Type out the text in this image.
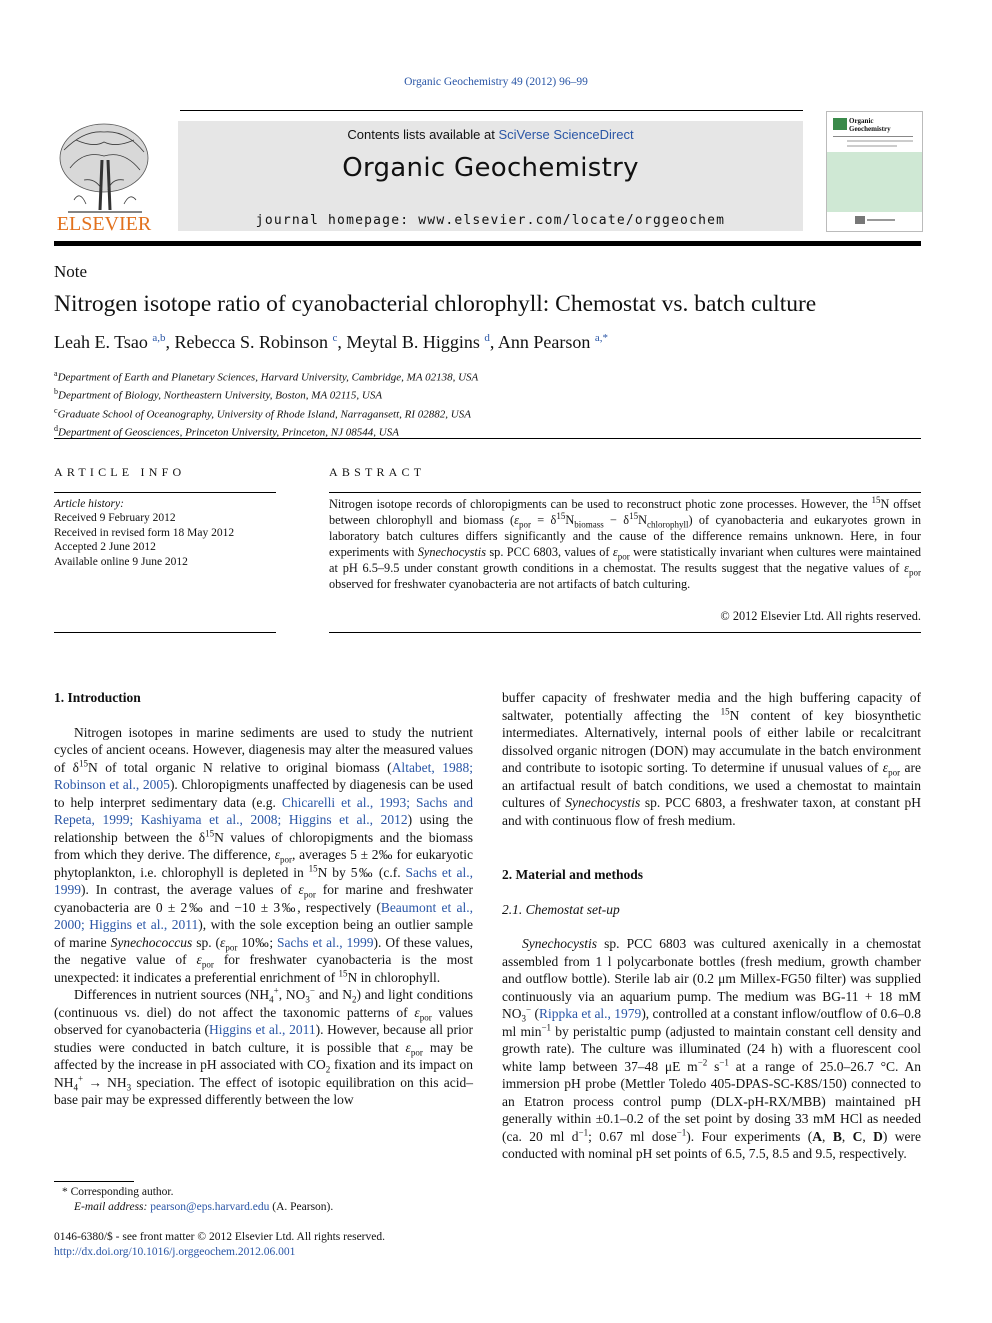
Organic Geochemistry 49 (2012) 96–99
ELSEVIER
Contents lists available at SciVerse ScienceDirect
Organic Geochemistry
journal homepage: www.elsevier.com/locate/orggeochem
Organic
Geochemistry
Note
Nitrogen isotope ratio of cyanobacterial chlorophyll: Chemostat vs. batch culture
Leah E. Tsao $^{a,b}$, Rebecca S. Robinson $^c$, Meytal B. Higgins $^d$, Ann Pearson $^{a,*}$
$^a$Department of Earth and Planetary Sciences, Harvard University, Cambridge, MA 02138, USA
$^b$Department of Biology, Northeastern University, Boston, MA 02115, USA
$^c$Graduate School of Oceanography, University of Rhode Island, Narragansett, RI 02882, USA
$^d$Department of Geosciences, Princeton University, Princeton, NJ 08544, USA
ARTICLE INFO
Article history:
Received 9 February 2012
Received in revised form 18 May 2012
Accepted 2 June 2012
Available online 9 June 2012
ABSTRACT
Nitrogen isotope records of chloropigments can be used to reconstruct photic zone processes. However, the $^{15}$N offset between chlorophyll and biomass $(\varepsilon_{por} = \delta^{15}N_{biomass} - \delta^{15}N_{chlorophyll})$ of cyanobacteria and eukaryotes grown in laboratory batch cultures differs significantly and the cause of the difference remains unknown. Here, in four experiments with Synechocystis sp. PCC 6803, values of $\varepsilon_{por}$ were statistically invariant when cultures were maintained at pH 6.5–9.5 under constant growth conditions in a chemostat. The results suggest that the negative values of $\varepsilon_{por}$ observed for freshwater cyanobacteria are not artifacts of batch culturing.
© 2012 Elsevier Ltd. All rights reserved.
1. Introduction

Nitrogen isotopes in marine sediments are used to study the nutrient cycles of ancient oceans. However, diagenesis may alter the measured values of $\delta^{15}N$ of total organic N relative to original biomass (Altabet, 1988; Robinson et al., 2005). Chloropigments unaffected by diagenesis can be used to help interpret sedimentary data (e.g. Chicarelli et al., 1993; Sachs and Repeta, 1999; Kashiyama et al., 2008; Higgins et al., 2012) using the relationship between the $\delta^{15}N$ values of chloropigments and the biomass from which they derive. The difference, $\varepsilon_{por}$, averages 5 ± 2‰ for eukaryotic phytoplankton, i.e. chlorophyll is depleted in $^{15}$N by 5‰ (c.f. Sachs et al., 1999). In contrast, the average values of $\varepsilon_{por}$ for marine and freshwater cyanobacteria are 0 ± 2‰ and −10 ± 3‰, respectively (Beaumont et al., 2000; Higgins et al., 2011), with the sole exception being an outlier sample of marine Synechococcus sp. ($\varepsilon_{por}$ 10‰; Sachs et al., 1999). Of these values, the negative value of $\varepsilon_{por}$ for freshwater cyanobacteria is the most unexpected: it indicates a preferential enrichment of $^{15}$N in chlorophyll.

Differences in nutrient sources ($NH_4^+$, $NO_3^-$ and $N_2$) and light conditions (continuous vs. diel) do not affect the taxonomic patterns of $\varepsilon_{por}$ values observed for cyanobacteria (Higgins et al., 2011). However, because all prior studies were conducted in batch culture, it is possible that $\varepsilon_{por}$ may be affected by the increase in pH associated with $CO_2$ fixation and its impact on $NH_4^+ \to NH_3$ speciation. The effect of isotopic equilibration on this acid–base pair may be expressed differently between the low

buffer capacity of freshwater media and the high buffering capacity of saltwater, potentially affecting the $^{15}$N content of key biosynthetic intermediates. Alternatively, internal pools of either labile or recalcitrant dissolved organic nitrogen (DON) may accumulate in the batch environment and contribute to isotopic sorting. To determine if unusual values of $\varepsilon_{por}$ are an artifactual result of batch conditions, we used a chemostat to maintain cultures of Synechocystis sp. PCC 6803, a freshwater taxon, at constant pH and with continuous flow of fresh medium.

2. Material and methods
2.1. Chemostat set-up

Synechocystis sp. PCC 6803 was cultured axenically in a chemostat assembled from 1 l polycarbonate bottles (fresh medium, growth chamber and outflow bottle). Sterile lab air (0.2 μm Millex-FG50 filter) was supplied continuously via an aquarium pump. The medium was BG-11 + 18 mM $NO_3^-$ (Rippka et al., 1979), controlled at a constant inflow/outflow of 0.6–0.8 ml $\min^{-1}$ by peristaltic pump (adjusted to maintain constant cell density and growth rate). The culture was illuminated (24 h) with a fluorescent cool white lamp between 37–48 μE $m^{-2}$ $s^{-1}$ at a range of 25.0–26.7 °C. An immersion pH probe (Mettler Toledo 405-DPAS-SC-K8S/150) connected to an Etatron process control pump (DLX-pH-RX/MBB) maintained pH generally within ±0.1–0.2 of the set point by dosing 33 mM HCl as needed (ca. 20 ml $d^{-1}$; 0.67 ml dose$^{-1}$). Four experiments (A, B, C, D) were conducted with nominal pH set points of 6.5, 7.5, 8.5 and 9.5, respectively.

* Corresponding author.
E-mail address: pearson@eps.harvard.edu (A. Pearson).
0146-6380/$ - see front matter © 2012 Elsevier Ltd. All rights reserved.
http://dx.doi.org/10.1016/j.orggeochem.2012.06.001
